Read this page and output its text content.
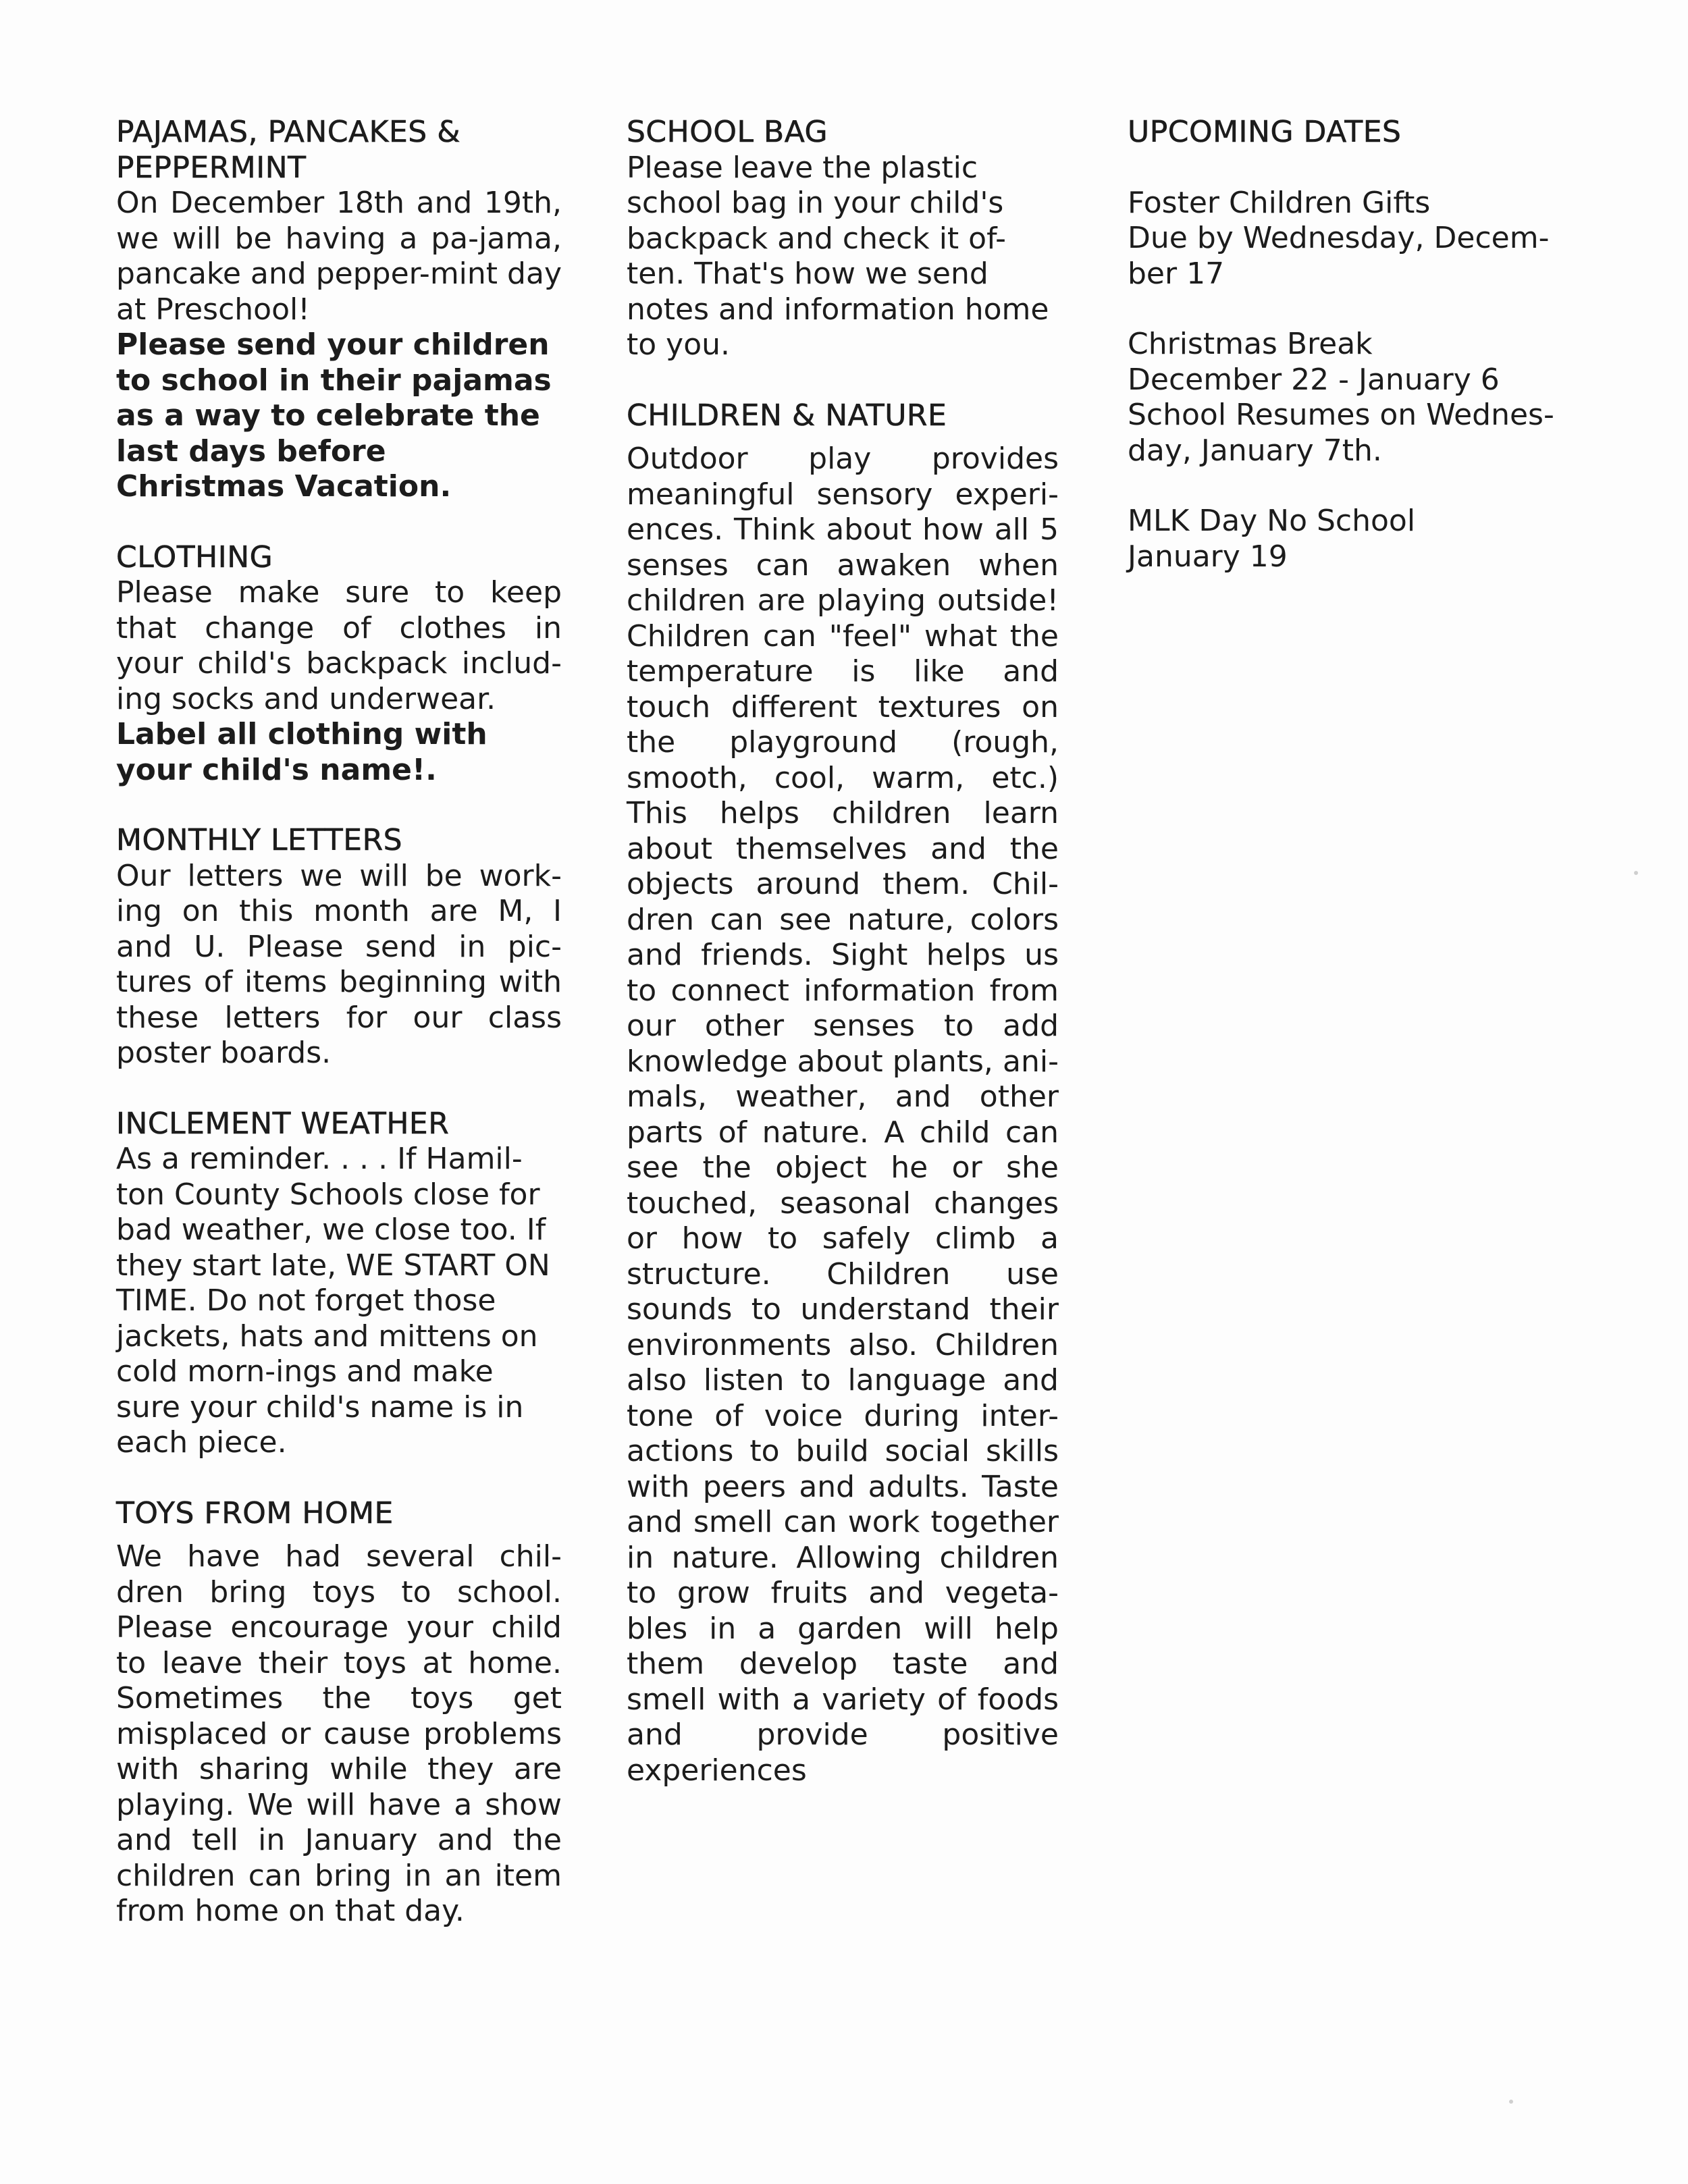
PAJAMAS, PANCAKES & PEPPERMINT

On December 18th and 19th, we will be having a pa-jama, pancake and pepper-mint day at Preschool!
Please send your children to school in their pajamas as a way to celebrate the last days before Christmas Vacation.

CLOTHING

Please make sure to keep that change of clothes in your child's backpack includ-ing socks and underwear.
Label all clothing with your child's name!.

MONTHLY LETTERS

Our letters we will be work-ing on this month are M, I and U. Please send in pic-tures of items beginning with these letters for our class poster boards.

INCLEMENT WEATHER

As a reminder. . . . If Hamil-ton County Schools close for bad weather, we close too. If they start late, WE START ON TIME. Do not forget those jackets, hats and mittens on cold morn-ings and make sure your child's name is in each piece.

TOYS FROM HOME

We have had several chil-dren bring toys to school. Please encourage your child to leave their toys at home. Sometimes the toys get misplaced or cause problems with sharing while they are playing. We will have a show and tell in January and the children can bring in an item from home on that day.

SCHOOL BAG

Please leave the plastic school bag in your child's backpack and check it of-ten. That's how we send notes and information home to you.

CHILDREN & NATURE

Outdoor play provides meaningful sensory experi-ences. Think about how all 5 senses can awaken when children are playing outside! Children can "feel" what the temperature is like and touch different textures on the playground (rough, smooth, cool, warm, etc.) This helps children learn about themselves and the objects around them. Chil-dren can see nature, colors and friends. Sight helps us to connect information from our other senses to add knowledge about plants, ani-mals, weather, and other parts of nature. A child can see the object he or she touched, seasonal changes or how to safely climb a structure. Children use sounds to understand their environments also. Children also listen to language and tone of voice during inter-actions to build social skills with peers and adults. Taste and smell can work together in nature. Allowing children to grow fruits and vegeta-bles in a garden will help them develop taste and smell with a variety of foods and provide positive experiences

UPCOMING DATES
Foster Children Gifts
Due by Wednesday, Decem-ber 17
Christmas Break
December 22 - January 6
School Resumes on Wednes-day, January 7th.
MLK Day No School
January 19
